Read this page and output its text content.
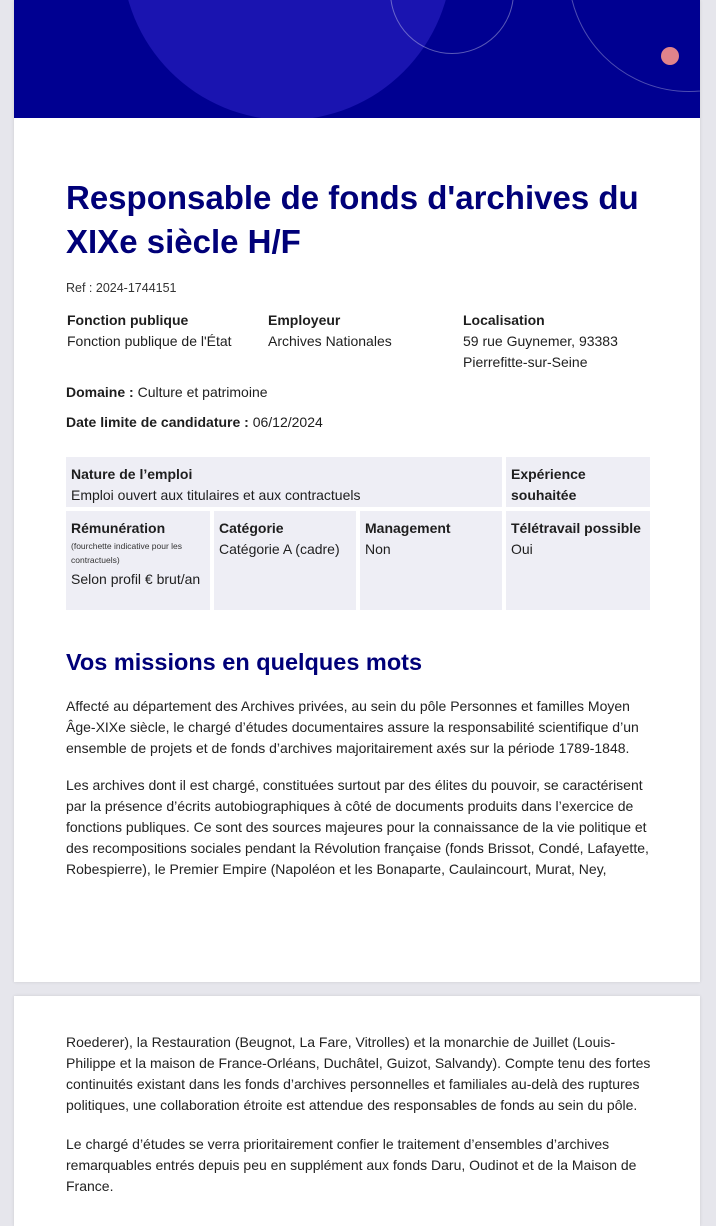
Responsable de fonds d'archives du XIXe siècle H/F
Ref : 2024-1744151
Fonction publique
Fonction publique de l'État
Employeur
Archives Nationales
Localisation
59 rue Guynemer, 93383
Pierrefitte-sur-Seine
Domaine : Culture et patrimoine
Date limite de candidature : 06/12/2024
Nature de l’emploi
Emploi ouvert aux titulaires et aux contractuels
Expérience souhaitée
Rémunération
(fourchette indicative pour les contractuels)
Selon profil € brut/an
Catégorie
Catégorie A (cadre)
Management
Non
Télétravail possible
Oui
Vos missions en quelques mots

Affecté au département des Archives privées, au sein du pôle Personnes et familles Moyen Âge-XIXe siècle, le chargé d’études documentaires assure la responsabilité scientifique d’un ensemble de projets et de fonds d’archives majoritairement axés sur la période 1789-1848.

Les archives dont il est chargé, constituées surtout par des élites du pouvoir, se caractérisent par la présence d’écrits autobiographiques à côté de documents produits dans l’exercice de fonctions publiques. Ce sont des sources majeures pour la connaissance de la vie politique et des recompositions sociales pendant la Révolution française (fonds Brissot, Condé, Lafayette, Robespierre), le Premier Empire (Napoléon et les Bonaparte, Caulaincourt, Murat, Ney,

Roederer), la Restauration (Beugnot, La Fare, Vitrolles) et la monarchie de Juillet (Louis-Philippe et la maison de France-Orléans, Duchâtel, Guizot, Salvandy). Compte tenu des fortes continuités existant dans les fonds d’archives personnelles et familiales au-delà des ruptures politiques, une collaboration étroite est attendue des responsables de fonds au sein du pôle.

Le chargé d’études se verra prioritairement confier le traitement d’ensembles d’archives remarquables entrés depuis peu en supplément aux fonds Daru, Oudinot et de la Maison de France.
